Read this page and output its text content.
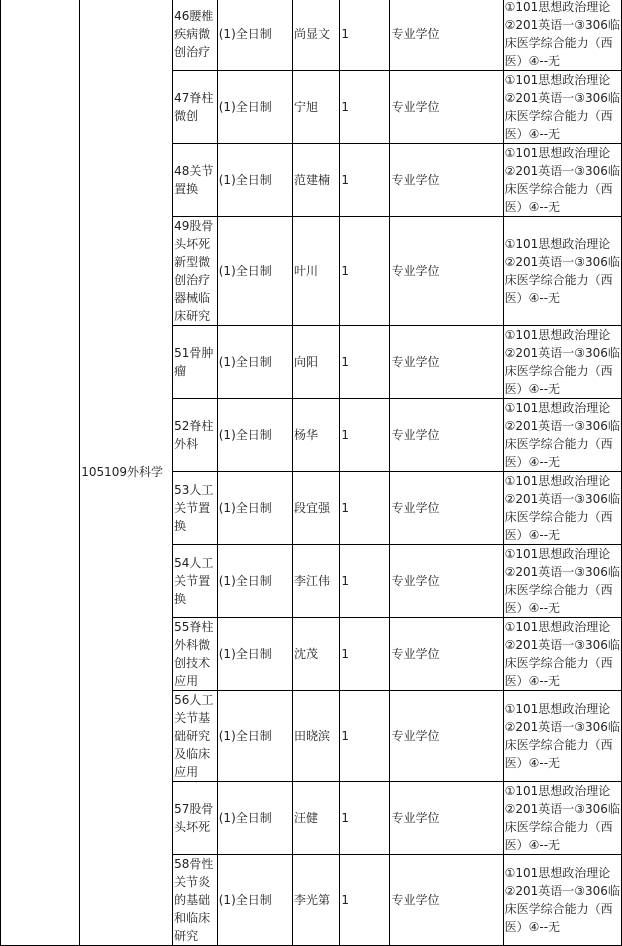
	105109外科学	46腰椎疾病微创治疗	(1)全日制	尚显文	1	专业学位	①101思想政治理论
②201英语一③306临
床医学综合能力（西
医）④--无

		47脊柱微创	(1)全日制	宁旭	1	专业学位	①101思想政治理论
②201英语一③306临
床医学综合能力（西
医）④--无

		48关节置换	(1)全日制	范建楠	1	专业学位	①101思想政治理论
②201英语一③306临
床医学综合能力（西
医）④--无

		49股骨头坏死新型微创治疗器械临床研究	(1)全日制	叶川	1	专业学位	①101思想政治理论
②201英语一③306临
床医学综合能力（西
医）④--无

		51骨肿瘤	(1)全日制	向阳	1	专业学位	①101思想政治理论
②201英语一③306临
床医学综合能力（西
医）④--无

		52脊柱外科	(1)全日制	杨华	1	专业学位	①101思想政治理论
②201英语一③306临
床医学综合能力（西
医）④--无

		53人工关节置换	(1)全日制	段宜强	1	专业学位	①101思想政治理论
②201英语一③306临
床医学综合能力（西
医）④--无

		54人工关节置换	(1)全日制	李江伟	1	专业学位	①101思想政治理论
②201英语一③306临
床医学综合能力（西
医）④--无

		55脊柱外科微创技术应用	(1)全日制	沈茂	1	专业学位	①101思想政治理论
②201英语一③306临
床医学综合能力（西
医）④--无

		56人工关节基础研究及临床应用	(1)全日制	田晓滨	1	专业学位	①101思想政治理论
②201英语一③306临
床医学综合能力（西
医）④--无

		57股骨头坏死	(1)全日制	汪健	1	专业学位	①101思想政治理论
②201英语一③306临
床医学综合能力（西
医）④--无

		58骨性关节炎的基础和临床研究	(1)全日制	李光第	1	专业学位	①101思想政治理论
②201英语一③306临
床医学综合能力（西
医）④--无
